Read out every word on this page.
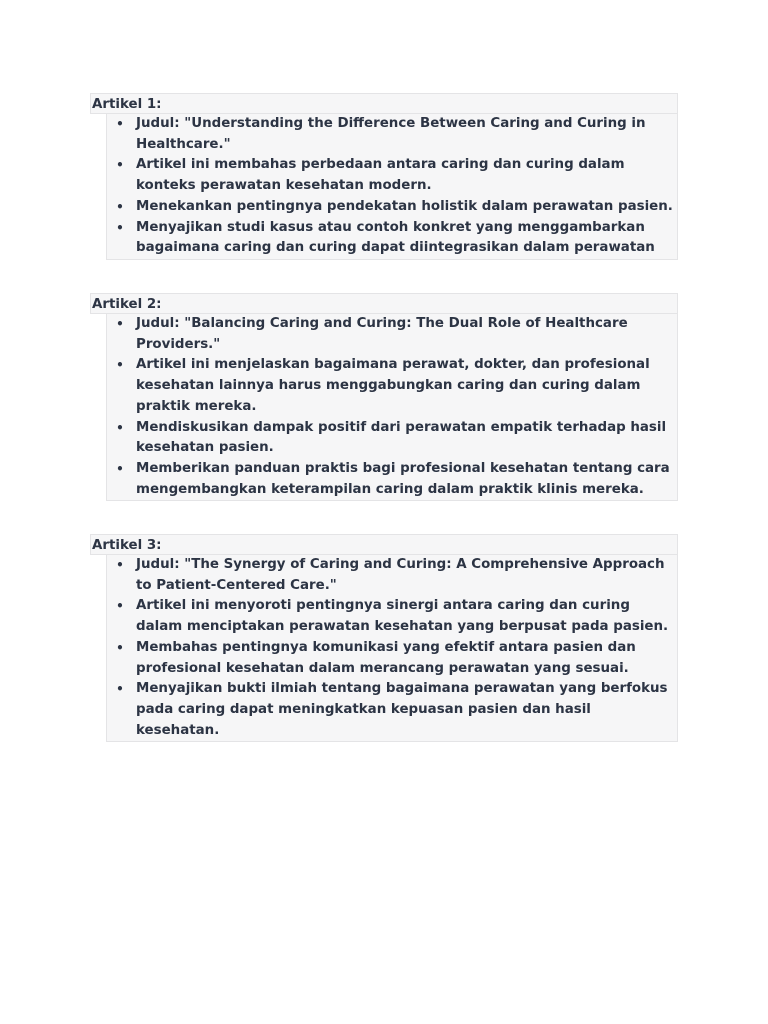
Artikel 1:
• Judul: "Understanding the Difference Between Caring and Curing in Healthcare."
• Artikel ini membahas perbedaan antara caring dan curing dalam konteks perawatan kesehatan modern.
• Menekankan pentingnya pendekatan holistik dalam perawatan pasien.
• Menyajikan studi kasus atau contoh konkret yang menggambarkan bagaimana caring dan curing dapat diintegrasikan dalam perawatan
Artikel 2:
• Judul: "Balancing Caring and Curing: The Dual Role of Healthcare Providers."
• Artikel ini menjelaskan bagaimana perawat, dokter, dan profesional kesehatan lainnya harus menggabungkan caring dan curing dalam praktik mereka.
• Mendiskusikan dampak positif dari perawatan empatik terhadap hasil kesehatan pasien.
• Memberikan panduan praktis bagi profesional kesehatan tentang cara mengembangkan keterampilan caring dalam praktik klinis mereka.
Artikel 3:
• Judul: "The Synergy of Caring and Curing: A Comprehensive Approach to Patient-Centered Care."
• Artikel ini menyoroti pentingnya sinergi antara caring dan curing dalam menciptakan perawatan kesehatan yang berpusat pada pasien.
• Membahas pentingnya komunikasi yang efektif antara pasien dan profesional kesehatan dalam merancang perawatan yang sesuai.
• Menyajikan bukti ilmiah tentang bagaimana perawatan yang berfokus pada caring dapat meningkatkan kepuasan pasien dan hasil kesehatan.
